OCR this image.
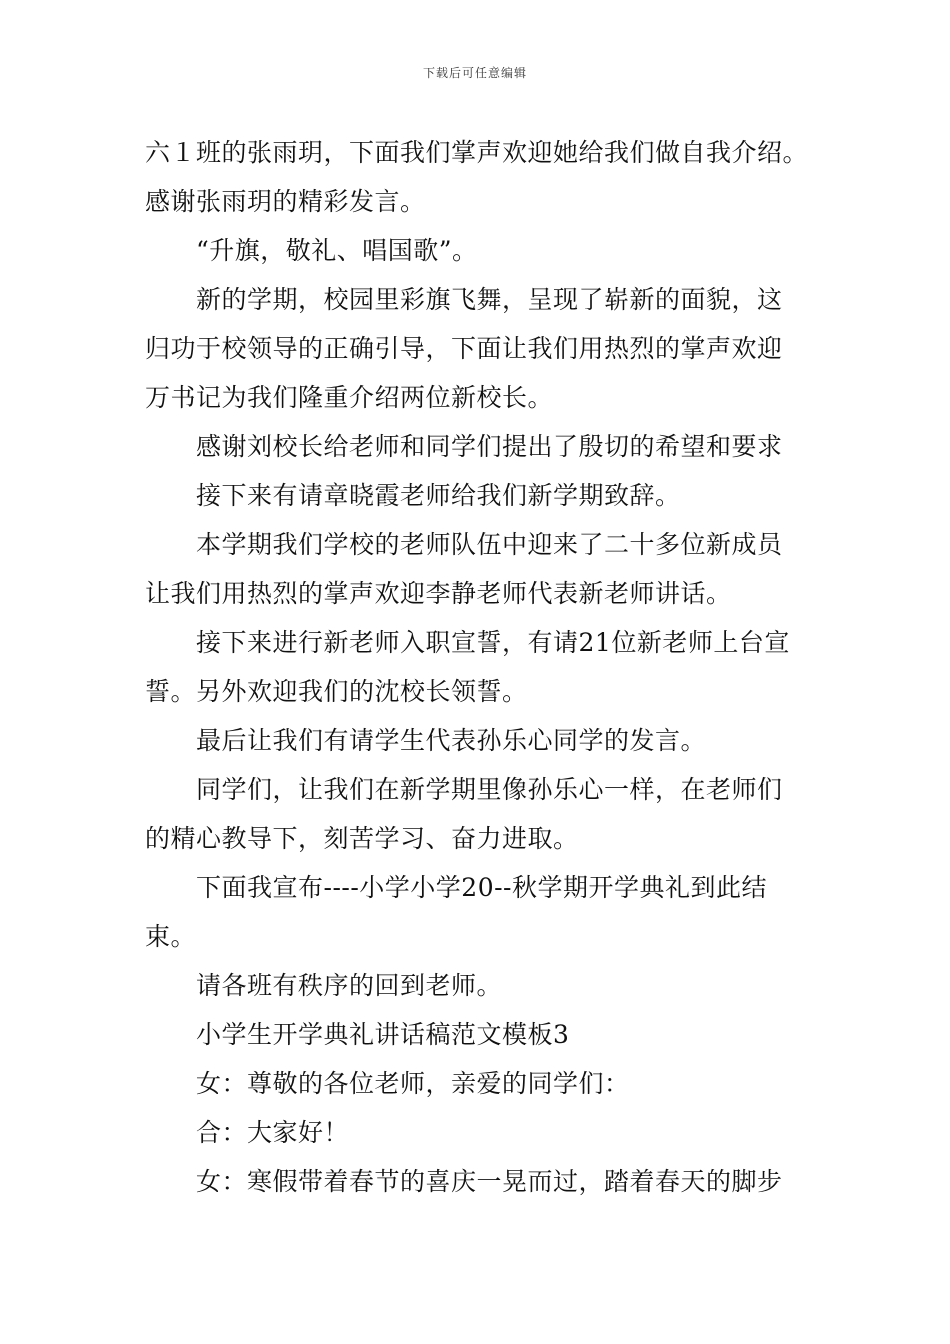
下载后可任意编辑
六１班的张雨玥，下面我们掌声欢迎她给我们做自我介绍。
感谢张雨玥的精彩发言。
“升旗，敬礼、唱国歌”。
新的学期，校园里彩旗飞舞，呈现了崭新的面貌，这
归功于校领导的正确引导，下面让我们用热烈的掌声欢迎
万书记为我们隆重介绍两位新校长。
感谢刘校长给老师和同学们提出了殷切的希望和要求
接下来有请章晓霞老师给我们新学期致辞。
本学期我们学校的老师队伍中迎来了二十多位新成员
让我们用热烈的掌声欢迎李静老师代表新老师讲话。
接下来进行新老师入职宣誓，有请21位新老师上台宣
誓。另外欢迎我们的沈校长领誓。
最后让我们有请学生代表孙乐心同学的发言。
同学们，让我们在新学期里像孙乐心一样，在老师们
的精心教导下，刻苦学习、奋力进取。
下面我宣布----小学小学20--秋学期开学典礼到此结
束。
请各班有秩序的回到老师。
小学生开学典礼讲话稿范文模板3
女：尊敬的各位老师，亲爱的同学们：
合：大家好！
女：寒假带着春节的喜庆一晃而过，踏着春天的脚步
